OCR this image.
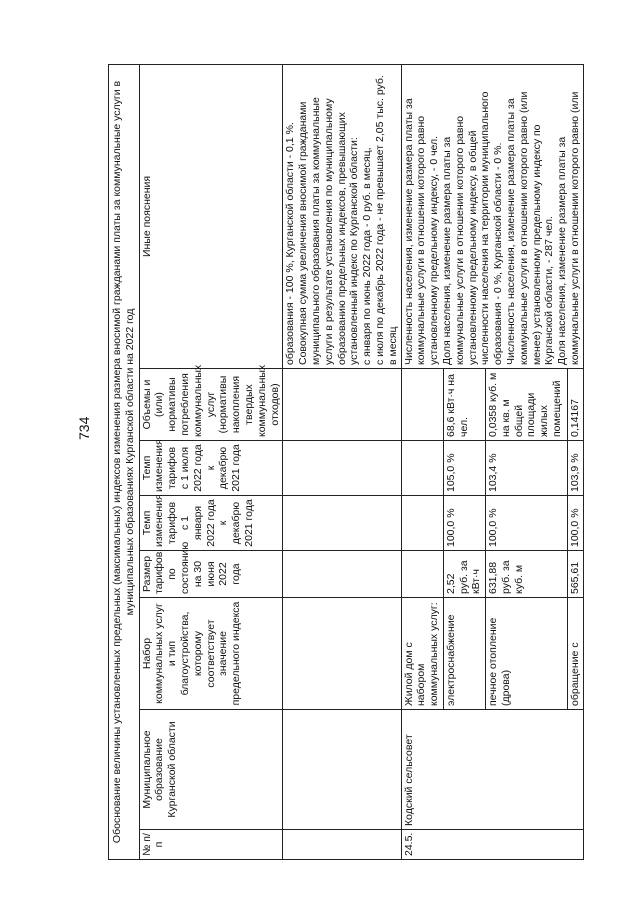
734 Обоснование величины установленных предельных (максимальных) индексов изменения размера вносимой гражданами платы за коммунальные услуги в муниципальных образованиях Курганской области на 2022 год							
№ п/п	Муниципальное образование Курганской области	Набор коммунальных услуг и тип благоустройства, которому соответствует значение предельного индекса	Размер тарифов по состоянию на 30 июня 2022 года	Темп изменения тарифов с 1 января 2022 года к декабрю 2021 года	Темп изменения тарифов с 1 июля 2022 года к декабрю 2021 года	Объемы и (или) нормативы потребления коммунальных услуг (нормативы накопления твердых коммунальных отходов)	Иные пояснения
							образования - 100 %, Курганской области - 0,1 %.
Совокупная сумма увеличения вносимой гражданами муниципального образования платы за коммунальные услуги в результате установления по муниципальному образованию предельных индексов, превышающих установленный индекс по Курганской области:
с января по июнь 2022 года - 0 руб. в месяц,
с июля по декабрь 2022 года - не превышает 2,05 тыс. руб. в месяц
24.5.	Кодский сельсовет	Жилой дом с набором коммунальных услуг:					Численность населения, изменение размера платы за коммунальные услуги в отношении которого равно установленному предельному индексу, - 0 чел.
Доля населения, изменение размера платы за коммунальные услуги в отношении которого равно установленному предельному индексу, в общей численности населения на территории муниципального образования - 0 %, Курганской области - 0 %.
Численность населения, изменение размера платы за коммунальные услуги в отношении которого равно (или менее) установленному предельному индексу по Курганской области, - 287 чел.
Доля населения, изменение размера платы за коммунальные услуги в отношении которого равно (или
		электроснабжение	2,52 руб. за кВт·ч	100,0 %	105,0 %	68,6 кВт·ч на чел.	
		печное отопление (дрова)	631,88 руб. за куб. м	100,0 %	103,4 %	0,0358 куб. м на кв. м общей площади жилых помещений	
		обращение с	565,61	100,0 %	103,9 %	0,14167	
